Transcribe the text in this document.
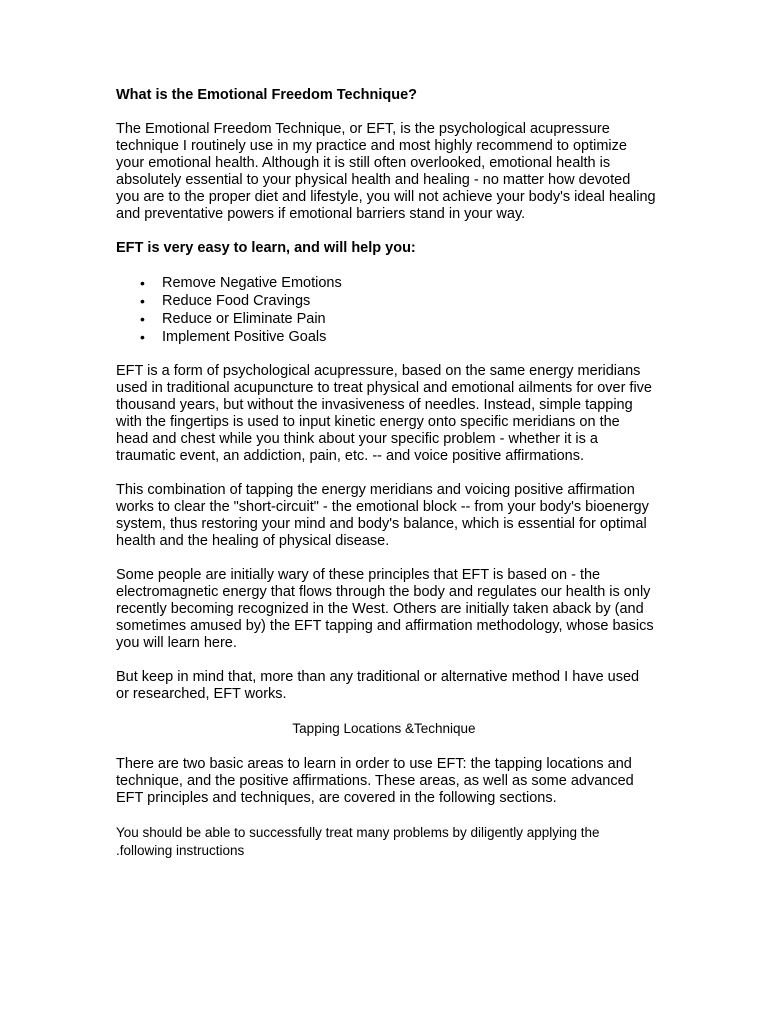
What is the Emotional Freedom Technique?

The Emotional Freedom Technique, or EFT, is the psychological acupressure technique I routinely use in my practice and most highly recommend to optimize your emotional health. Although it is still often overlooked, emotional health is absolutely essential to your physical health and healing - no matter how devoted you are to the proper diet and lifestyle, you will not achieve your body's ideal healing and preventative powers if emotional barriers stand in your way.

EFT is very easy to learn, and will help you:

• Remove Negative Emotions
• Reduce Food Cravings
• Reduce or Eliminate Pain
• Implement Positive Goals

EFT is a form of psychological acupressure, based on the same energy meridians used in traditional acupuncture to treat physical and emotional ailments for over five thousand years, but without the invasiveness of needles. Instead, simple tapping with the fingertips is used to input kinetic energy onto specific meridians on the head and chest while you think about your specific problem - whether it is a traumatic event, an addiction, pain, etc. -- and voice positive affirmations.

This combination of tapping the energy meridians and voicing positive affirmation works to clear the "short-circuit" - the emotional block -- from your body's bioenergy system, thus restoring your mind and body's balance, which is essential for optimal health and the healing of physical disease.

Some people are initially wary of these principles that EFT is based on - the electromagnetic energy that flows through the body and regulates our health is only recently becoming recognized in the West. Others are initially taken aback by (and sometimes amused by) the EFT tapping and affirmation methodology, whose basics you will learn here.

But keep in mind that, more than any traditional or alternative method I have used or researched, EFT works.

Tapping Locations &Technique

There are two basic areas to learn in order to use EFT: the tapping locations and technique, and the positive affirmations. These areas, as well as some advanced EFT principles and techniques, are covered in the following sections.

You should be able to successfully treat many problems by diligently applying the .following instructions
